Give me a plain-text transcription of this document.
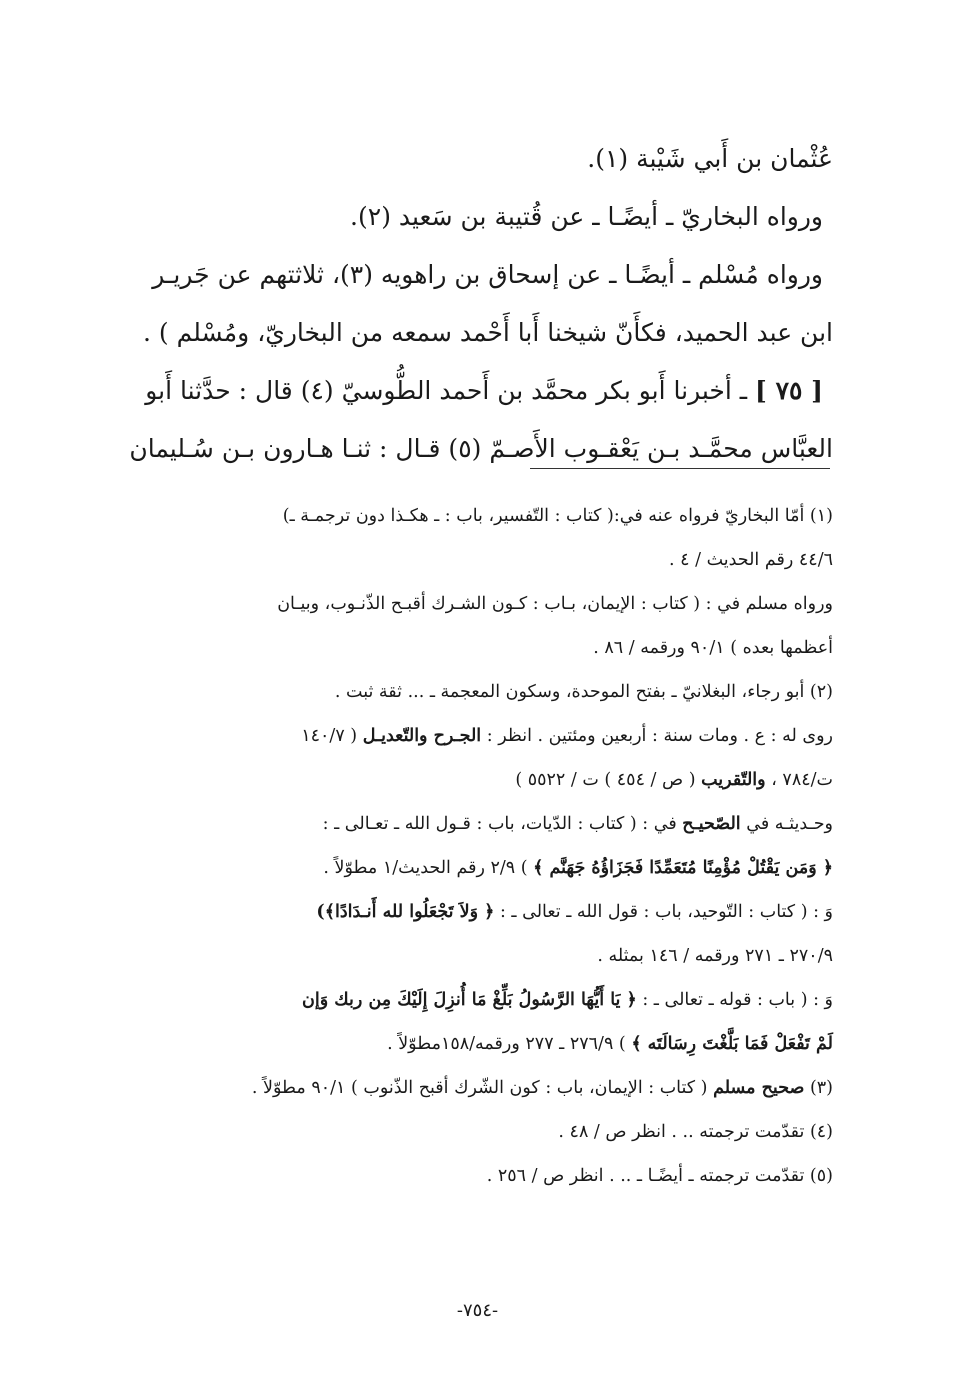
عُثْمان بن أَبي شَيْبة (١).

ورواه البخاريّ ـ أيضًـا ـ عن قُتيبة بن سَعيد (٢).

ورواه مُسْلم ـ أيضًـا ـ عن إسحاق بن راهويه (٣)، ثلاثتهم عن جَريـر

ابن عبد الحميد، فكأَنّ شيخنا أَبا أَحْمد سمعه من البخاريّ، ومُسْلم ) .

[ ٧٥ ] ـ أخبرنا أَبو بكر محمَّد بن أَحمد الطُّوسيّ (٤) قال : حدَّثنا أَبو

العبَّاس محمَّـد بـن يَعْقـوب الأَصـمّ (٥) قـال : ثنـا هـارون بـن سُـليمان

(١) أمّا البخاريّ فرواه عنه في:( كتاب : التّفسير، باب : ـ هكـذا دون ترجمـة ـ)

٤٤/٦ رقم الحديث / ٤ .

ورواه مسلم في : ( كتاب : الإيمان، بـاب : كـون الشـرك أقبـح الذّنـوب، وبيـان

أعظمها بعده ) ٩٠/١ ورقمه / ٨٦ .

(٢) أبو رجاء، البغلانيّ ـ بفتح الموحدة، وسكون المعجمة ـ ... ثقة ثبت .

روى له : ع . ومات سنة : أربعين ومئتين . انظر : الجـرح والتّعديـل ( ١٤٠/٧

ت/٧٨٤ ، والتّقريب ( ص / ٤٥٤ ) ت / ٥٥٢٢ )

وحـديثـه في الصّحيـح في : ( كتاب : الدّيات، باب : قـول الله ـ تعـالى ـ :

﴿ وَمَن يَقْتُلْ مُؤْمِنًا مُتَعَمِّدًا فَجَزَاؤُهُ جَهَنَّم ﴾ ) ٢/٩ رقم الحديث/١ مطوّلاً .

وَ : ( كتاب : التّوحيد، باب : قول الله ـ تعالى ـ : ﴿ وَلاَ تَجْعَلُوا لله أَنـدَادًا﴾)

٢٧٠/٩ ـ ٢٧١ ورقمه / ١٤٦ بمثله .

وَ : ( باب : قوله ـ تعالى ـ : ﴿ يَا أَيُّهَا الرَّسُولُ بَلِّغْ مَا أُنزِلَ إِلَيْكَ مِن ربك وَإن

لَمْ تَفْعَلْ فَمَا بَلَّغْتَ رِسَالَتَه ﴾ ) ٢٧٦/٩ ـ ٢٧٧ ورقمه/١٥٨مطوّلاً .

(٣) صحيح مسلم ( كتاب : الإيمان، باب : كون الشّرك أقبح الذّنوب ) ٩٠/١ مطوّلاً .

(٤) تقدّمت ترجمته .. . انظر ص / ٤٨ .

(٥) تقدّمت ترجمته ـ أيضًـا ـ .. . انظر ص / ٢٥٦ .

-٧٥٤-
